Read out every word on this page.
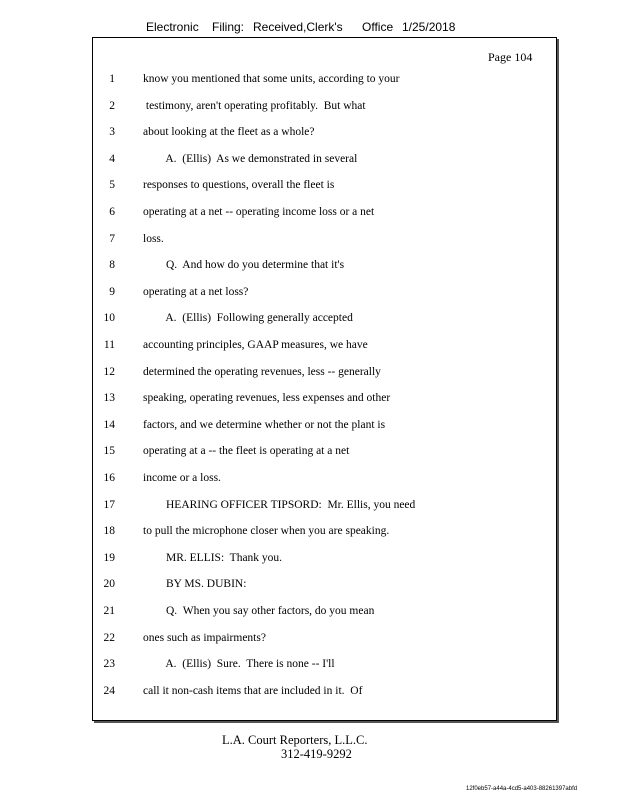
Electronic Filing: Received,Clerk's Office 1/25/2018
Page 104
1 know you mentioned that some units, according to your
2 testimony, aren't operating profitably.  But what
3 about looking at the fleet as a whole?
4 A.  (Ellis)  As we demonstrated in several
5 responses to questions, overall the fleet is
6 operating at a net -- operating income loss or a net
7 loss.
8 Q.  And how do you determine that it's
9 operating at a net loss?
10 A.  (Ellis)  Following generally accepted
11 accounting principles, GAAP measures, we have
12 determined the operating revenues, less -- generally
13 speaking, operating revenues, less expenses and other
14 factors, and we determine whether or not the plant is
15 operating at a -- the fleet is operating at a net
16 income or a loss.
17 HEARING OFFICER TIPSORD:  Mr. Ellis, you need
18 to pull the microphone closer when you are speaking.
19 MR. ELLIS:  Thank you.
20 BY MS. DUBIN:
21 Q.  When you say other factors, do you mean
22 ones such as impairments?
23 A.  (Ellis)  Sure.  There is none -- I'll
24 call it non-cash items that are included in it.  Of
L.A. Court Reporters, L.L.C.
312-419-9292
12f0eb57-a44a-4cd5-a403-88261397abfd
